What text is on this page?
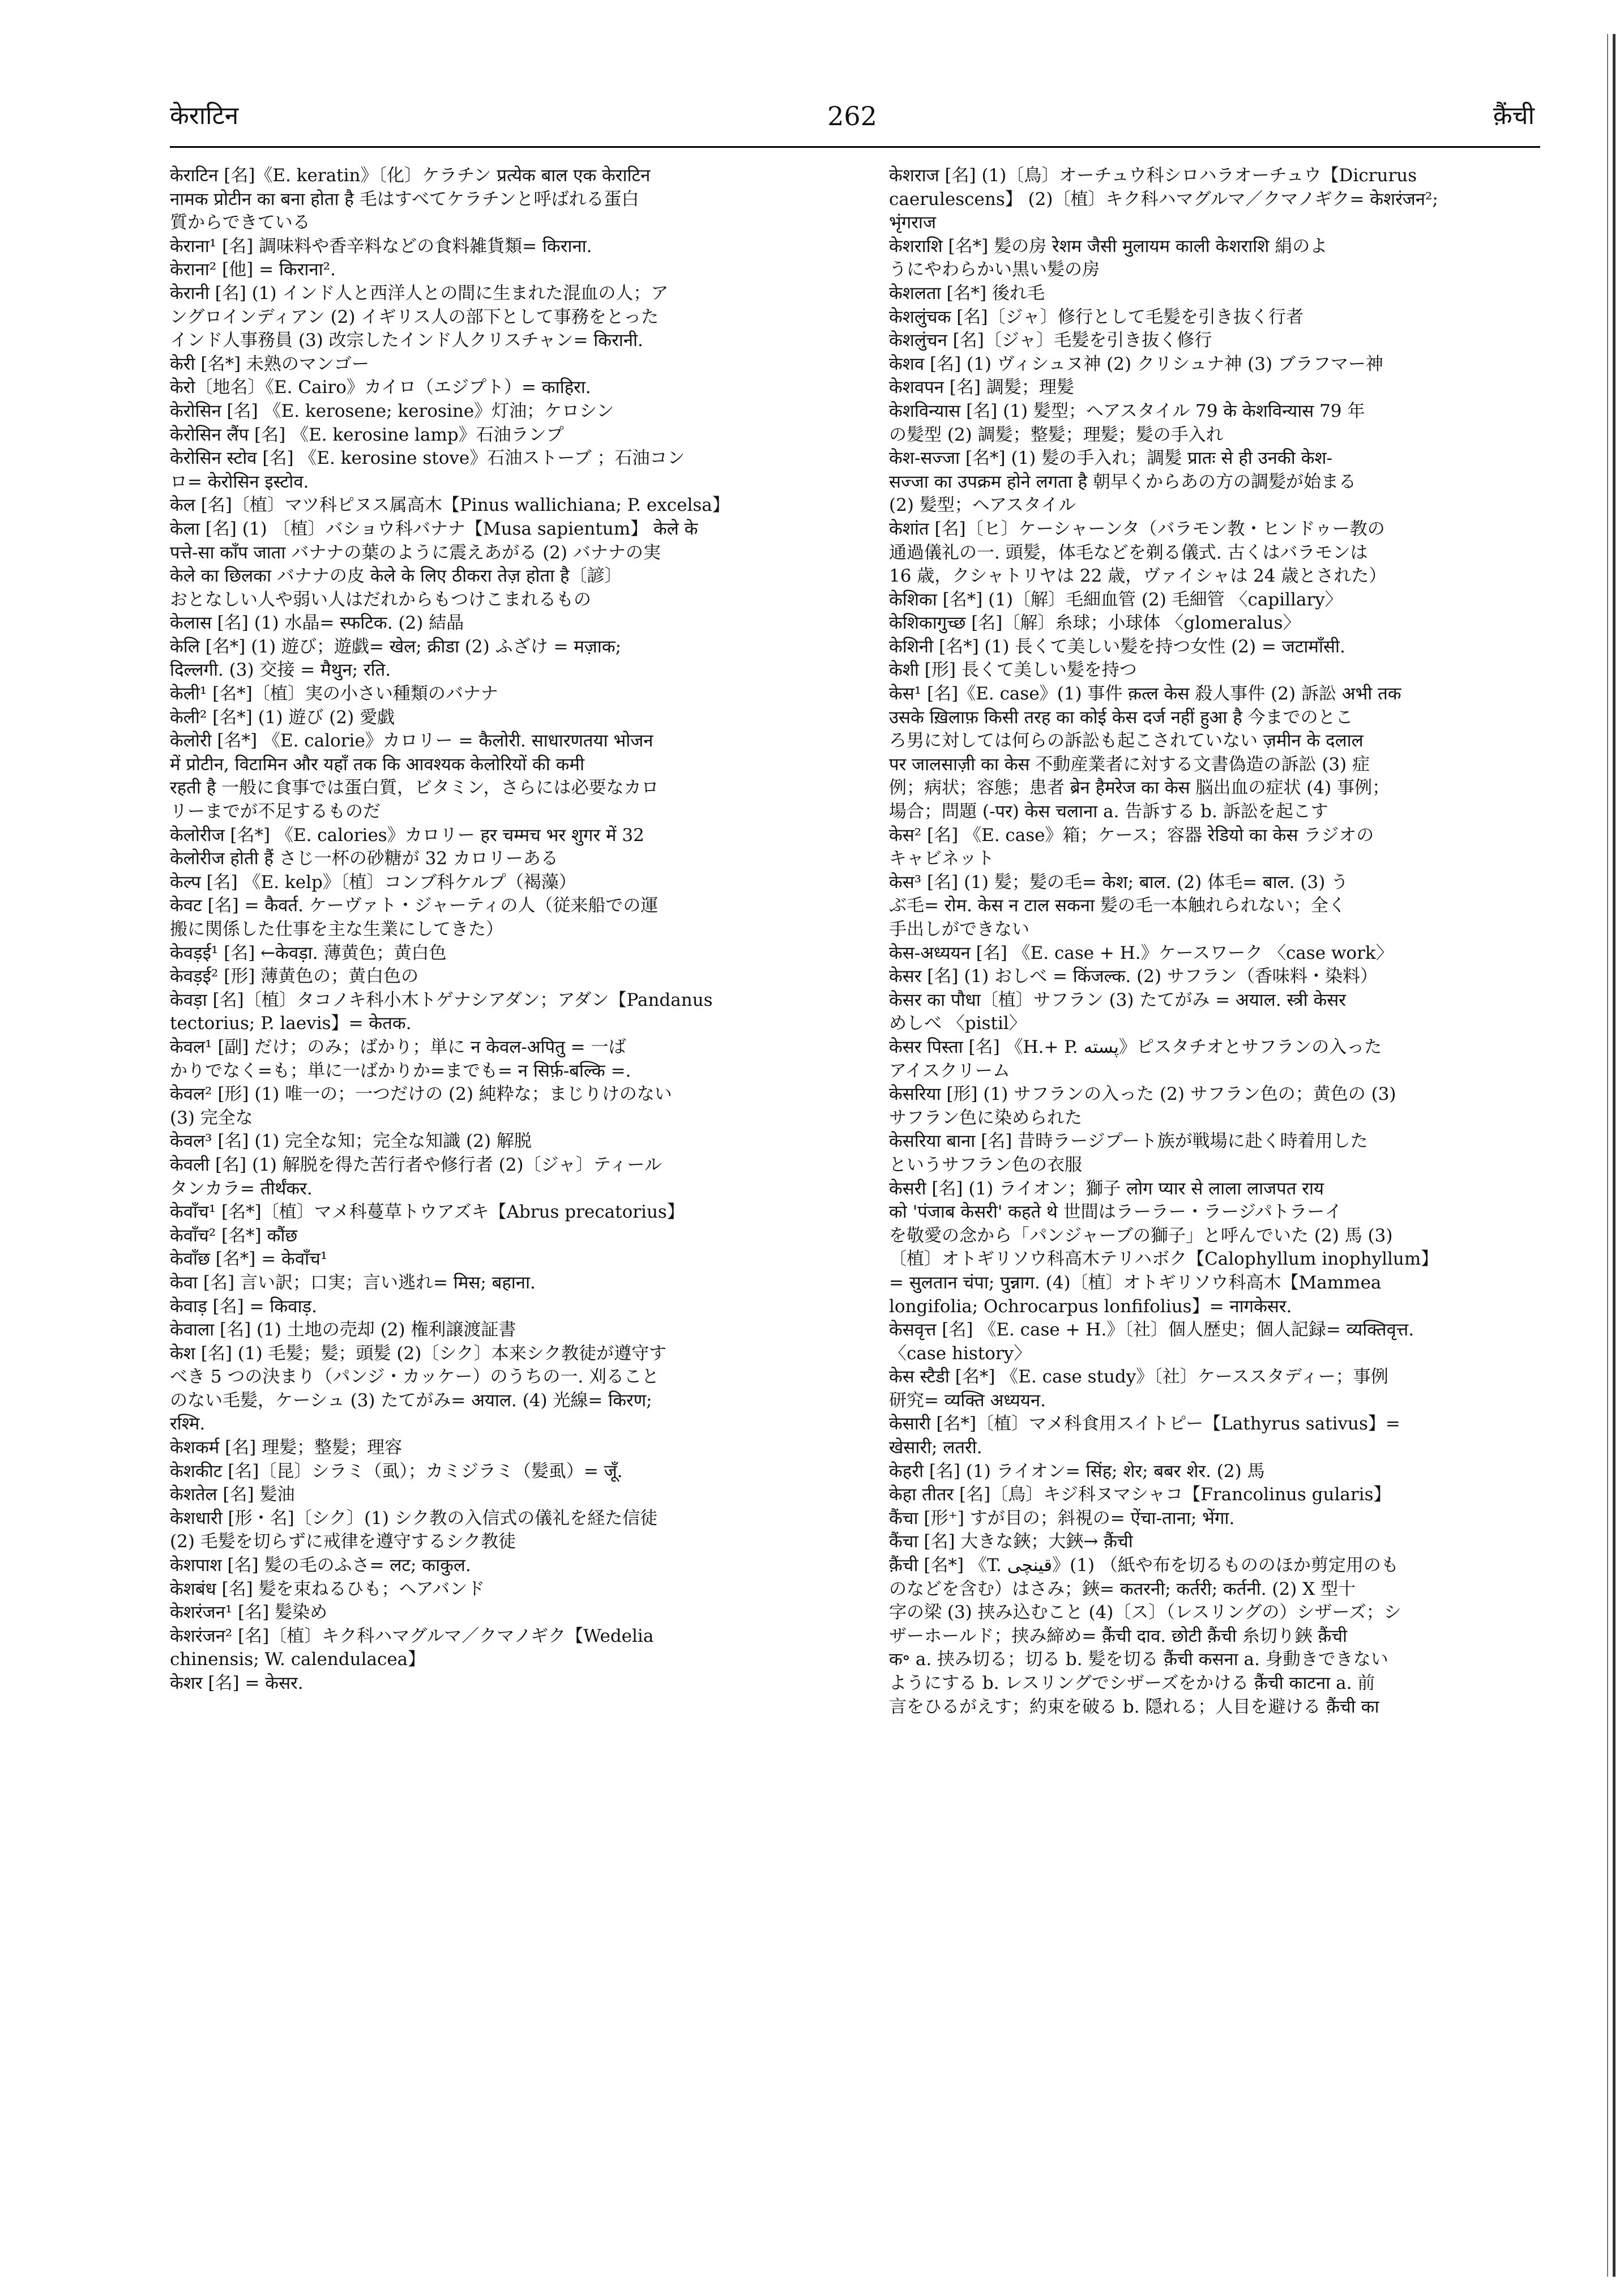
केराटिन	262	क़ैंची
केराटिन [名]《E. keratin》〔化〕ケラチン प्रत्येक बाल एक केराटिन
नामक प्रोटीन का बना होता है 毛はすべてケラチンと呼ばれる蛋白
質からできている
केराना¹ [名] 調味料や香辛料などの食料雑貨類= किराना.
केराना² [他] = किराना².
केरानी [名] (1) インド人と西洋人との間に生まれた混血の人；ア
ングロインディアン (2) イギリス人の部下として事務をとった
インド人事務員 (3) 改宗したインド人クリスチャン= किरानी.
केरी [名*] 未熟のマンゴー
केरो〔地名〕《E. Cairo》カイロ（エジプト）= काहिरा.
केरोसिन [名] 《E. kerosene; kerosine》灯油；ケロシン
केरोसिन लैंप [名] 《E. kerosine lamp》石油ランプ
केरोसिन स्टोव [名] 《E. kerosine stove》石油ストーブ ；石油コン
ロ= केरोसिन इस्टोव.
केल [名]〔植〕マツ科ピヌス属高木【Pinus wallichiana; P. excelsa】
केला [名] (1) 〔植〕バショウ科バナナ【Musa sapientum】 केले के
पत्ते-सा काँप जाता バナナの葉のように震えあがる (2) バナナの実
केले का छिलका バナナの皮 केले के लिए ठीकरा तेज़ होता है〔諺〕
おとなしい人や弱い人はだれからもつけこまれるもの
केलास [名] (1) 水晶= स्फटिक. (2) 結晶
केलि [名*] (1) 遊び；遊戯= खेल; क्रीडा (2) ふざけ = मज़ाक;
दिल्लगी. (3) 交接 = मैथुन; रति.
केली¹ [名*]〔植〕実の小さい種類のバナナ
केली² [名*] (1) 遊び (2) 愛戯
केलोरी [名*] 《E. calorie》カロリー = कैलोरी. साधारणतया भोजन
में प्रोटीन, विटामिन और यहाँ तक कि आवश्यक केलोरियों की कमी
रहती है 一般に食事では蛋白質，ビタミン，さらには必要なカロ
リーまでが不足するものだ
केलोरीज [名*] 《E. calories》カロリー हर चम्मच भर शुगर में 32
केलोरीज होती हैं さじ一杯の砂糖が 32 カロリーある
केल्प [名] 《E. kelp》〔植〕コンブ科ケルプ（褐藻）
केवट [名] = कैवर्त. ケーヴァト・ジャーティの人（従来船での運
搬に関係した仕事を主な生業にしてきた）
केवड़ई¹ [名] ←केवड़ा. 薄黄色；黄白色
केवड़ई² [形] 薄黄色の；黄白色の
केवड़ा [名]〔植〕タコノキ科小木トゲナシアダン；アダン【Pandanus
tectorius; P. laevis】= केतक.
केवल¹ [副] だけ；のみ；ばかり；単に न केवल-अपितु = 一ば
かりでなく=も；単に一ばかりか=までも= न सिर्फ़-बल्कि =.
केवल² [形] (1) 唯一の；一つだけの (2) 純粋な；まじりけのない
(3) 完全な
केवल³ [名] (1) 完全な知；完全な知識 (2) 解脱
केवली [名] (1) 解脱を得た苦行者や修行者 (2)〔ジャ〕ティール
タンカラ= तीर्थंकर.
केवाँच¹ [名*]〔植〕マメ科蔓草トウアズキ【Abrus precatorius】
केवाँच² [名*] कौंछ
केवाँछ [名*] = केवाँच¹
केवा [名] 言い訳；口実；言い逃れ= मिस; बहाना.
केवाड़ [名] = किवाड़.
केवाला [名] (1) 土地の売却 (2) 権利譲渡証書
केश [名] (1) 毛髪；髪；頭髪 (2)〔シク〕本来シク教徒が遵守す
べき 5 つの決まり（パンジ・カッケー）のうちの一. 刈ること
のない毛髪，ケーシュ (3) たてがみ= अयाल. (4) 光線= किरण;
रश्मि.
केशकर्म [名] 理髪；整髪；理容
केशकीट [名]〔昆〕シラミ（虱）；カミジラミ（髪虱）= जूँ.
केशतेल [名] 髪油
केशधारी [形・名]〔シク〕(1) シク教の入信式の儀礼を経た信徒
(2) 毛髪を切らずに戒律を遵守するシク教徒
केशपाश [名] 髪の毛のふさ= लट; काकुल.
केशबंध [名] 髪を束ねるひも；ヘアバンド
केशरंजन¹ [名] 髪染め
केशरंजन² [名]〔植〕キク科ハマグルマ／クマノギク【Wedelia
chinensis; W. calendulacea】
केशर [名] = केसर.
केशराज [名] (1)〔鳥〕オーチュウ科シロハラオーチュウ【Dicrurus
caerulescens】 (2)〔植〕キク科ハマグルマ／クマノギク= केशरंजन²;
भृंगराज
केशराशि [名*] 髪の房 रेशम जैसी मुलायम काली केशराशि 絹のよ
うにやわらかい黒い髪の房
केशलता [名*] 後れ毛
केशलुंचक [名]〔ジャ〕修行として毛髪を引き抜く行者
केशलुंचन [名]〔ジャ〕毛髪を引き抜く修行
केशव [名] (1) ヴィシュヌ神 (2) クリシュナ神 (3) ブラフマー神
केशवपन [名] 調髪；理髪
केशविन्यास [名] (1) 髪型；ヘアスタイル 79 के केशविन्यास 79 年
の髪型 (2) 調髪；整髪；理髪；髪の手入れ
केश-सज्जा [名*] (1) 髪の手入れ；調髪 प्रातः से ही उनकी केश-
सज्जा का उपक्रम होने लगता है 朝早くからあの方の調髪が始まる
(2) 髪型；ヘアスタイル
केशांत [名]〔ヒ〕ケーシャーンタ（バラモン教・ヒンドゥー教の
通過儀礼の一. 頭髪，体毛などを剃る儀式. 古くはバラモンは
16 歳，クシャトリヤは 22 歳，ヴァイシャは 24 歳とされた）
केशिका [名*] (1)〔解〕毛細血管 (2) 毛細管 〈capillary〉
केशिकागुच्छ [名]〔解〕糸球；小球体 〈glomeralus〉
केशिनी [名*] (1) 長くて美しい髪を持つ女性 (2) = जटामाँसी.
केशी [形] 長くて美しい髪を持つ
केस¹ [名]《E. case》(1) 事件 क़त्ल केस 殺人事件 (2) 訴訟 अभी तक
उसके ख़िलाफ़ किसी तरह का कोई केस दर्ज नहीं हुआ है 今までのとこ
ろ男に対しては何らの訴訟も起こされていない ज़मीन के दलाल
पर जालसाज़ी का केस 不動産業者に対する文書偽造の訴訟 (3) 症
例；病状；容態；患者 ब्रेन हैमरेज का केस 脳出血の症状 (4) 事例；
場合；問題 (-पर) केस चलाना a. 告訴する b. 訴訟を起こす
केस² [名] 《E. case》箱；ケース；容器 रेडियो का केस ラジオの
キャビネット
केस³ [名] (1) 髪；髪の毛= केश; बाल. (2) 体毛= बाल. (3) う
ぶ毛= रोम. केस न टाल सकना 髪の毛一本触れられない；全く
手出しができない
केस-अध्ययन [名] 《E. case + H.》ケースワーク 〈case work〉
केसर [名] (1) おしべ = किंजल्क. (2) サフラン（香味料・染料）
केसर का पौधा〔植〕サフラン (3) たてがみ = अयाल. स्त्री केसर
めしべ 〈pistil〉
केसर पिस्ता [名] 《H.+ P. پسته》ピスタチオとサフランの入った
アイスクリーム
केसरिया [形] (1) サフランの入った (2) サフラン色の；黄色の (3)
サフラン色に染められた
केसरिया बाना [名] 昔時ラージプート族が戦場に赴く時着用した
というサフラン色の衣服
केसरी [名] (1) ライオン；獅子 लोग प्यार से लाला लाजपत राय
को 'पंजाब केसरी' कहते थे 世間はラーラー・ラージパトラーイ
を敬愛の念から「パンジャーブの獅子」と呼んでいた (2) 馬 (3)
〔植〕オトギリソウ科高木テリハボク【Calophyllum inophyllum】
= सुलतान चंपा; पुन्नाग. (4)〔植〕オトギリソウ科高木【Mammea
longifolia; Ochrocarpus lonfifolius】= नागकेसर.
केसवृत्त [名] 《E. case + H.》〔社〕個人歴史；個人記録= व्यक्तिवृत्त.
〈case history〉
केस स्टैडी [名*] 《E. case study》〔社〕ケーススタディー；事例
研究= व्यक्ति अध्ययन.
केसारी [名*]〔植〕マメ科食用スイトピー【Lathyrus sativus】=
खेसारी; लतरी.
केहरी [名] (1) ライオン= सिंह; शेर; बबर शेर. (2) 馬
केहा तीतर [名]〔鳥〕キジ科ヌマシャコ【Francolinus gularis】
कैंचा [形⁺] すが目の；斜視の= ऐंचा-ताना; भेंगा.
कैंचा [名] 大きな鋏；大鋏→ क़ैंची
क़ैंची [名*] 《T. قینچی》(1) （紙や布を切るもののほか剪定用のも
のなどを含む）はさみ；鋏= कतरनी; कर्तरी; कर्तनी. (2) X 型十
字の梁 (3) 挟み込むこと (4)〔ス〕（レスリングの）シザーズ；シ
ザーホールド；挟み締め= क़ैंची दाव. छोटी क़ैंची 糸切り鋏 क़ैंची
क॰ a. 挟み切る；切る b. 髪を切る क़ैंची कसना a. 身動きできない
ようにする b. レスリングでシザーズをかける क़ैंची काटना a. 前
言をひるがえす；約束を破る b. 隠れる；人目を避ける क़ैंची का
